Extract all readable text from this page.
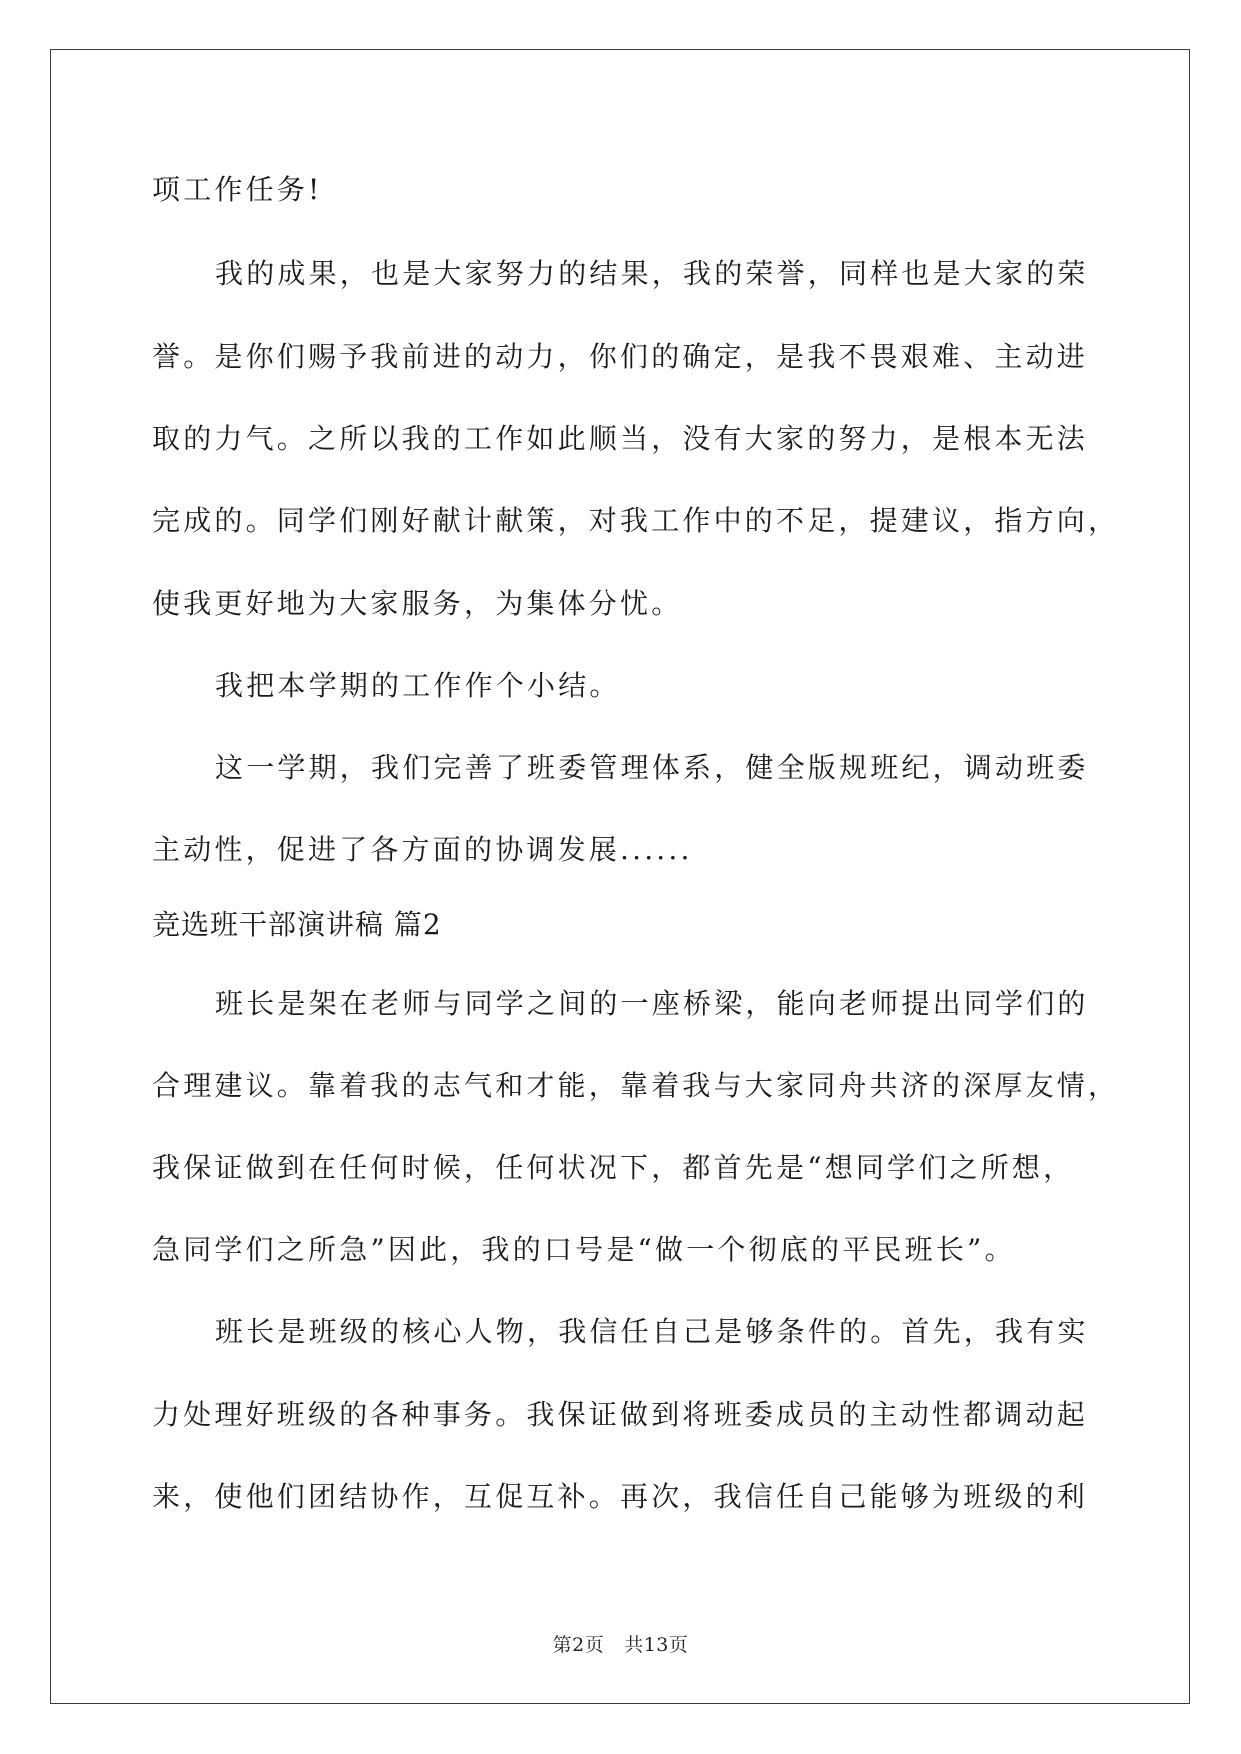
项工作任务!

我的成果，也是大家努力的结果，我的荣誉，同样也是大家的荣

誉。是你们赐予我前进的动力，你们的确定，是我不畏艰难、主动进

取的力气。之所以我的工作如此顺当，没有大家的努力，是根本无法

完成的。同学们刚好献计献策，对我工作中的不足，提建议，指方向，

使我更好地为大家服务，为集体分忧。

我把本学期的工作作个小结。

这一学期，我们完善了班委管理体系，健全版规班纪，调动班委

主动性，促进了各方面的协调发展......

竞选班干部演讲稿 篇2

班长是架在老师与同学之间的一座桥梁，能向老师提出同学们的

合理建议。靠着我的志气和才能，靠着我与大家同舟共济的深厚友情，

我保证做到在任何时候，任何状况下，都首先是“想同学们之所想，

急同学们之所急”因此，我的口号是“做一个彻底的平民班长”。

班长是班级的核心人物，我信任自己是够条件的。首先，我有实

力处理好班级的各种事务。我保证做到将班委成员的主动性都调动起

来，使他们团结协作，互促互补。再次，我信任自己能够为班级的利

第2页 共13页
